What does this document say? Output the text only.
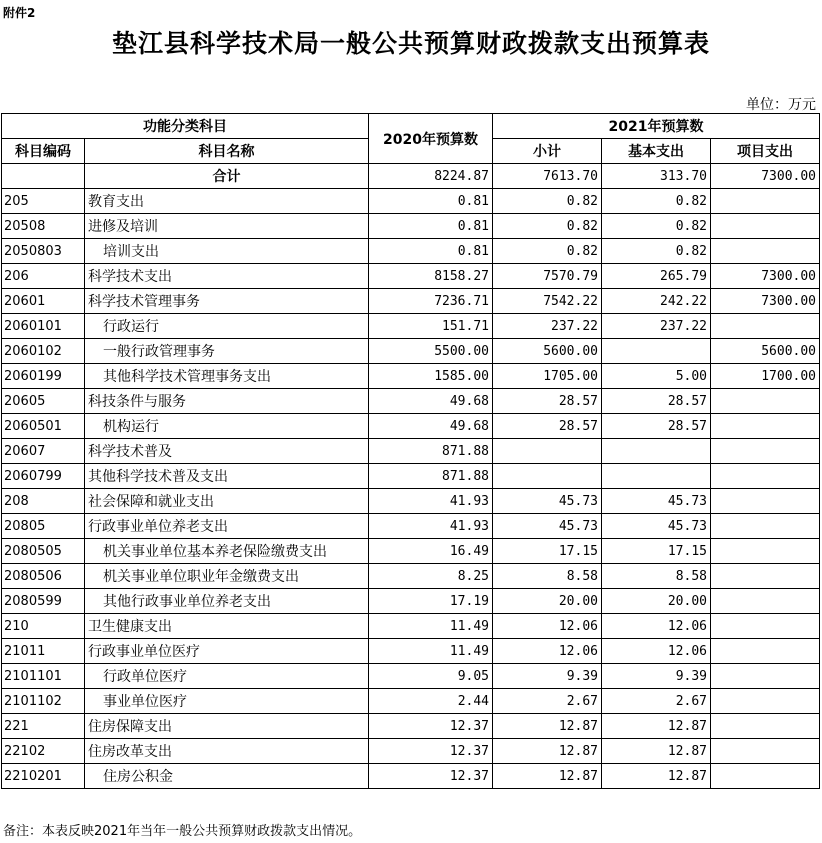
附件2
垫江县科学技术局一般公共预算财政拨款支出预算表
单位：万元
功能分类科目		2020年预算数	2021年预算数		
科目编码	科目名称		小计	基本支出	项目支出
	合计	8224.87	7613.70	313.70	7300.00
205	教育支出	0.81	0.82	0.82	
20508	进修及培训	0.81	0.82	0.82	
2050803	培训支出	0.81	0.82	0.82	
206	科学技术支出	8158.27	7570.79	265.79	7300.00
20601	科学技术管理事务	7236.71	7542.22	242.22	7300.00
2060101	行政运行	151.71	237.22	237.22	
2060102	一般行政管理事务	5500.00	5600.00		5600.00
2060199	其他科学技术管理事务支出	1585.00	1705.00	5.00	1700.00
20605	科技条件与服务	49.68	28.57	28.57	
2060501	机构运行	49.68	28.57	28.57	
20607	科学技术普及	871.88			
2060799	其他科学技术普及支出	871.88			
208	社会保障和就业支出	41.93	45.73	45.73	
20805	行政事业单位养老支出	41.93	45.73	45.73	
2080505	机关事业单位基本养老保险缴费支出	16.49	17.15	17.15	
2080506	机关事业单位职业年金缴费支出	8.25	8.58	8.58	
2080599	其他行政事业单位养老支出	17.19	20.00	20.00	
210	卫生健康支出	11.49	12.06	12.06	
21011	行政事业单位医疗	11.49	12.06	12.06	
2101101	行政单位医疗	9.05	9.39	9.39	
2101102	事业单位医疗	2.44	2.67	2.67	
221	住房保障支出	12.37	12.87	12.87	
22102	住房改革支出	12.37	12.87	12.87	
2210201	住房公积金	12.37	12.87	12.87	
备注：本表反映2021年当年一般公共预算财政拨款支出情况。
